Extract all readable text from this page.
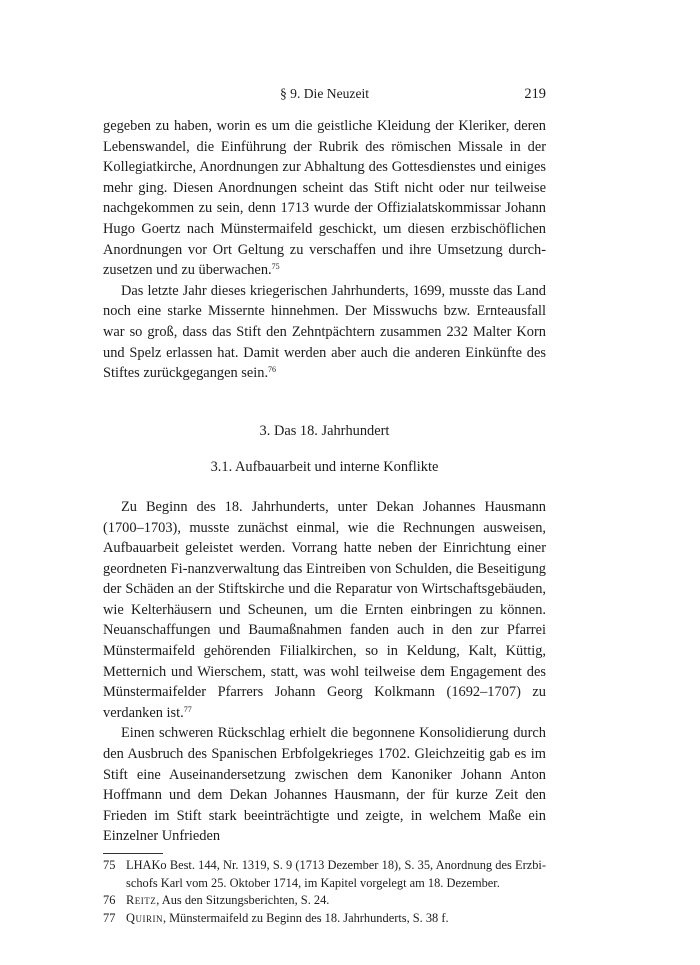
§ 9. Die Neuzeit	219

gegeben zu haben, worin es um die geistliche Kleidung der Kleriker, deren Lebenswandel, die Einführung der Rubrik des römischen Missale in der Kollegiatkirche, Anordnungen zur Abhaltung des Gottesdienstes und einiges mehr ging. Diesen Anordnungen scheint das Stift nicht oder nur teilweise nachgekommen zu sein, denn 1713 wurde der Offizialatskommissar Johann Hugo Goertz nach Münstermaifeld geschickt, um diesen erzbischöflichen Anordnungen vor Ort Geltung zu verschaffen und ihre Umsetzung durch-zusetzen und zu überwachen.$^{75}$

Das letzte Jahr dieses kriegerischen Jahrhunderts, 1699, musste das Land noch eine starke Missernte hinnehmen. Der Misswuchs bzw. Ernteausfall war so groß, dass das Stift den Zehntpächtern zusammen 232 Malter Korn und Spelz erlassen hat. Damit werden aber auch die anderen Einkünfte des Stiftes zurückgegangen sein.$^{76}$

3. Das 18. Jahrhundert

3.1. Aufbauarbeit und interne Konflikte

Zu Beginn des 18. Jahrhunderts, unter Dekan Johannes Hausmann (1700–1703), musste zunächst einmal, wie die Rechnungen ausweisen, Aufbauarbeit geleistet werden. Vorrang hatte neben der Einrichtung einer geordneten Fi-nanzverwaltung das Eintreiben von Schulden, die Beseitigung der Schäden an der Stiftskirche und die Reparatur von Wirtschaftsgebäuden, wie Kelterhäusern und Scheunen, um die Ernten einbringen zu können. Neuanschaffungen und Baumaßnahmen fanden auch in den zur Pfarrei Münstermaifeld gehörenden Filialkirchen, so in Keldung, Kalt, Küttig, Metternich und Wierschem, statt, was wohl teilweise dem Engagement des Münstermaifelder Pfarrers Johann Georg Kolkmann (1692–1707) zu verdanken ist.$^{77}$

Einen schweren Rückschlag erhielt die begonnene Konsolidierung durch den Ausbruch des Spanischen Erbfolgekrieges 1702. Gleichzeitig gab es im Stift eine Auseinandersetzung zwischen dem Kanoniker Johann Anton Hoffmann und dem Dekan Johannes Hausmann, der für kurze Zeit den Frieden im Stift stark beeinträchtigte und zeigte, in welchem Maße ein Einzelner Unfrieden

75 LHAKo Best. 144, Nr. 1319, S. 9 (1713 Dezember 18), S. 35, Anordnung des Erzbi-schofs Karl vom 25. Oktober 1714, im Kapitel vorgelegt am 18. Dezember.
76 Reitz, Aus den Sitzungsberichten, S. 24.
77 Quirin, Münstermaifeld zu Beginn des 18. Jahrhunderts, S. 38 f.
